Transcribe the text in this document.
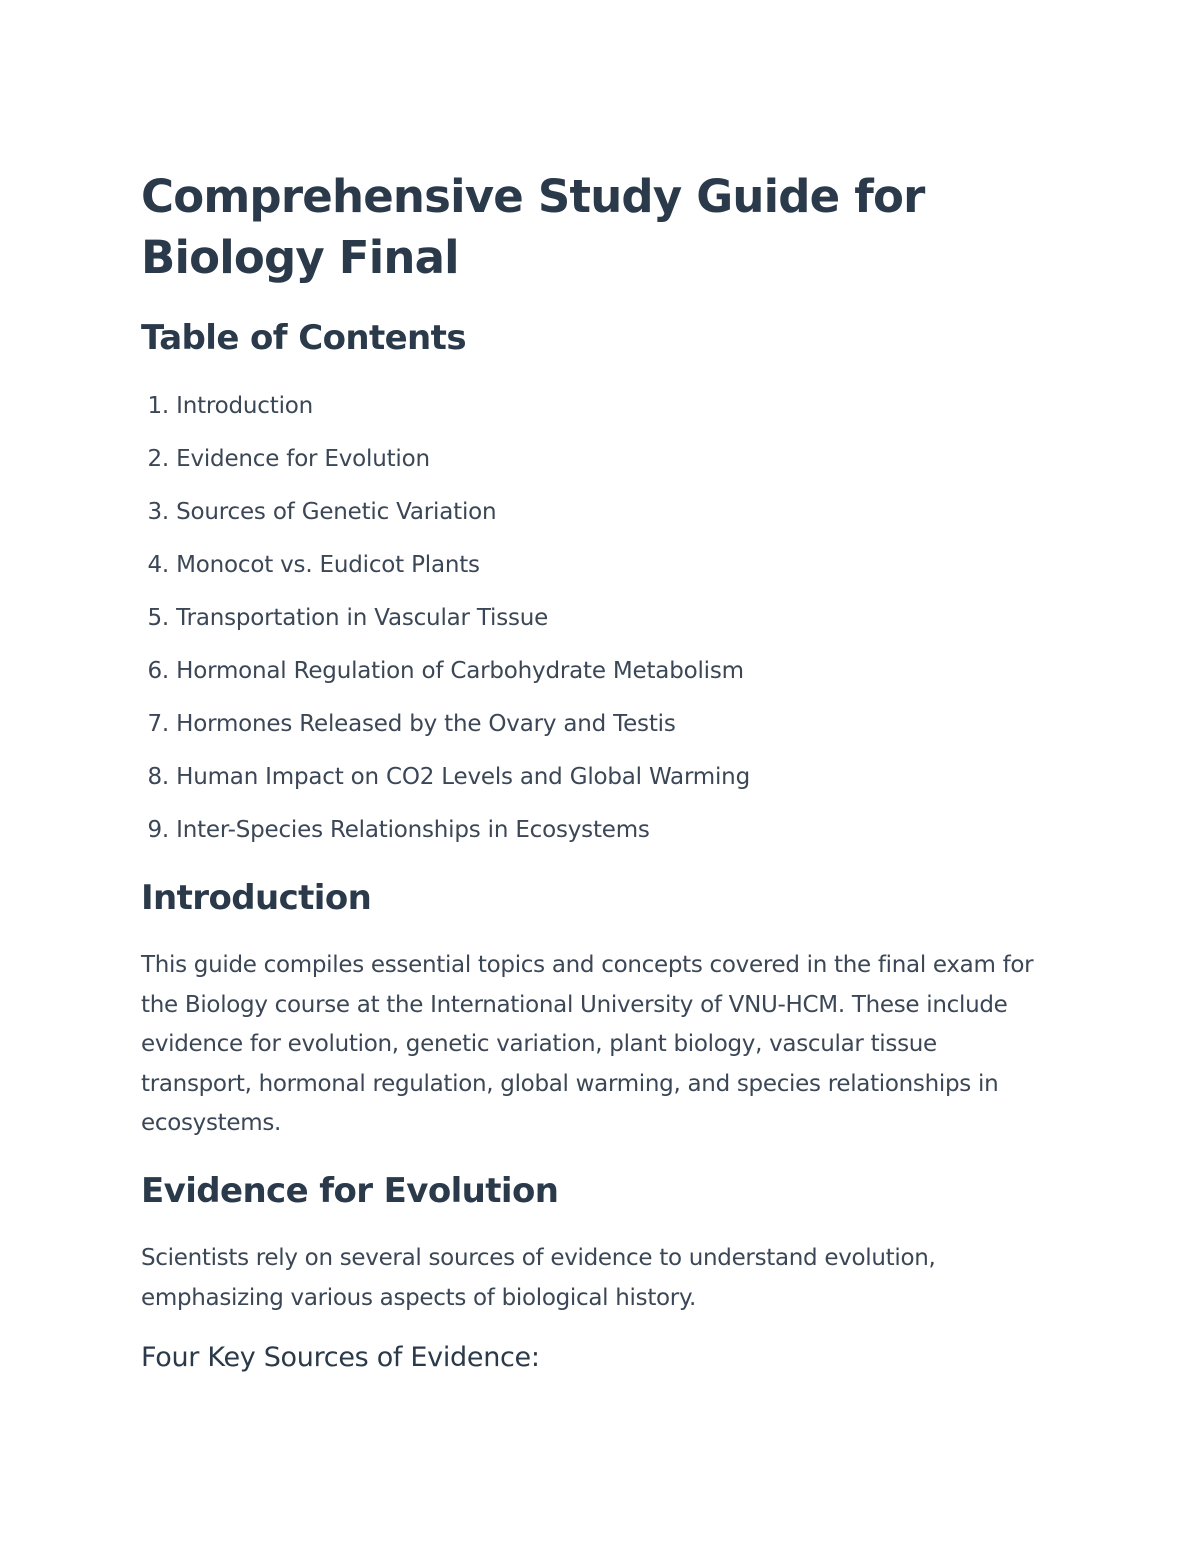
Comprehensive Study Guide for Biology Final
Table of Contents
1. Introduction
2. Evidence for Evolution
3. Sources of Genetic Variation
4. Monocot vs. Eudicot Plants
5. Transportation in Vascular Tissue
6. Hormonal Regulation of Carbohydrate Metabolism
7. Hormones Released by the Ovary and Testis
8. Human Impact on CO2 Levels and Global Warming
9. Inter-Species Relationships in Ecosystems
Introduction

This guide compiles essential topics and concepts covered in the final exam for the Biology course at the International University of VNU-HCM. These include evidence for evolution, genetic variation, plant biology, vascular tissue transport, hormonal regulation, global warming, and species relationships in ecosystems.

Evidence for Evolution

Scientists rely on several sources of evidence to understand evolution, emphasizing various aspects of biological history.

Four Key Sources of Evidence:
